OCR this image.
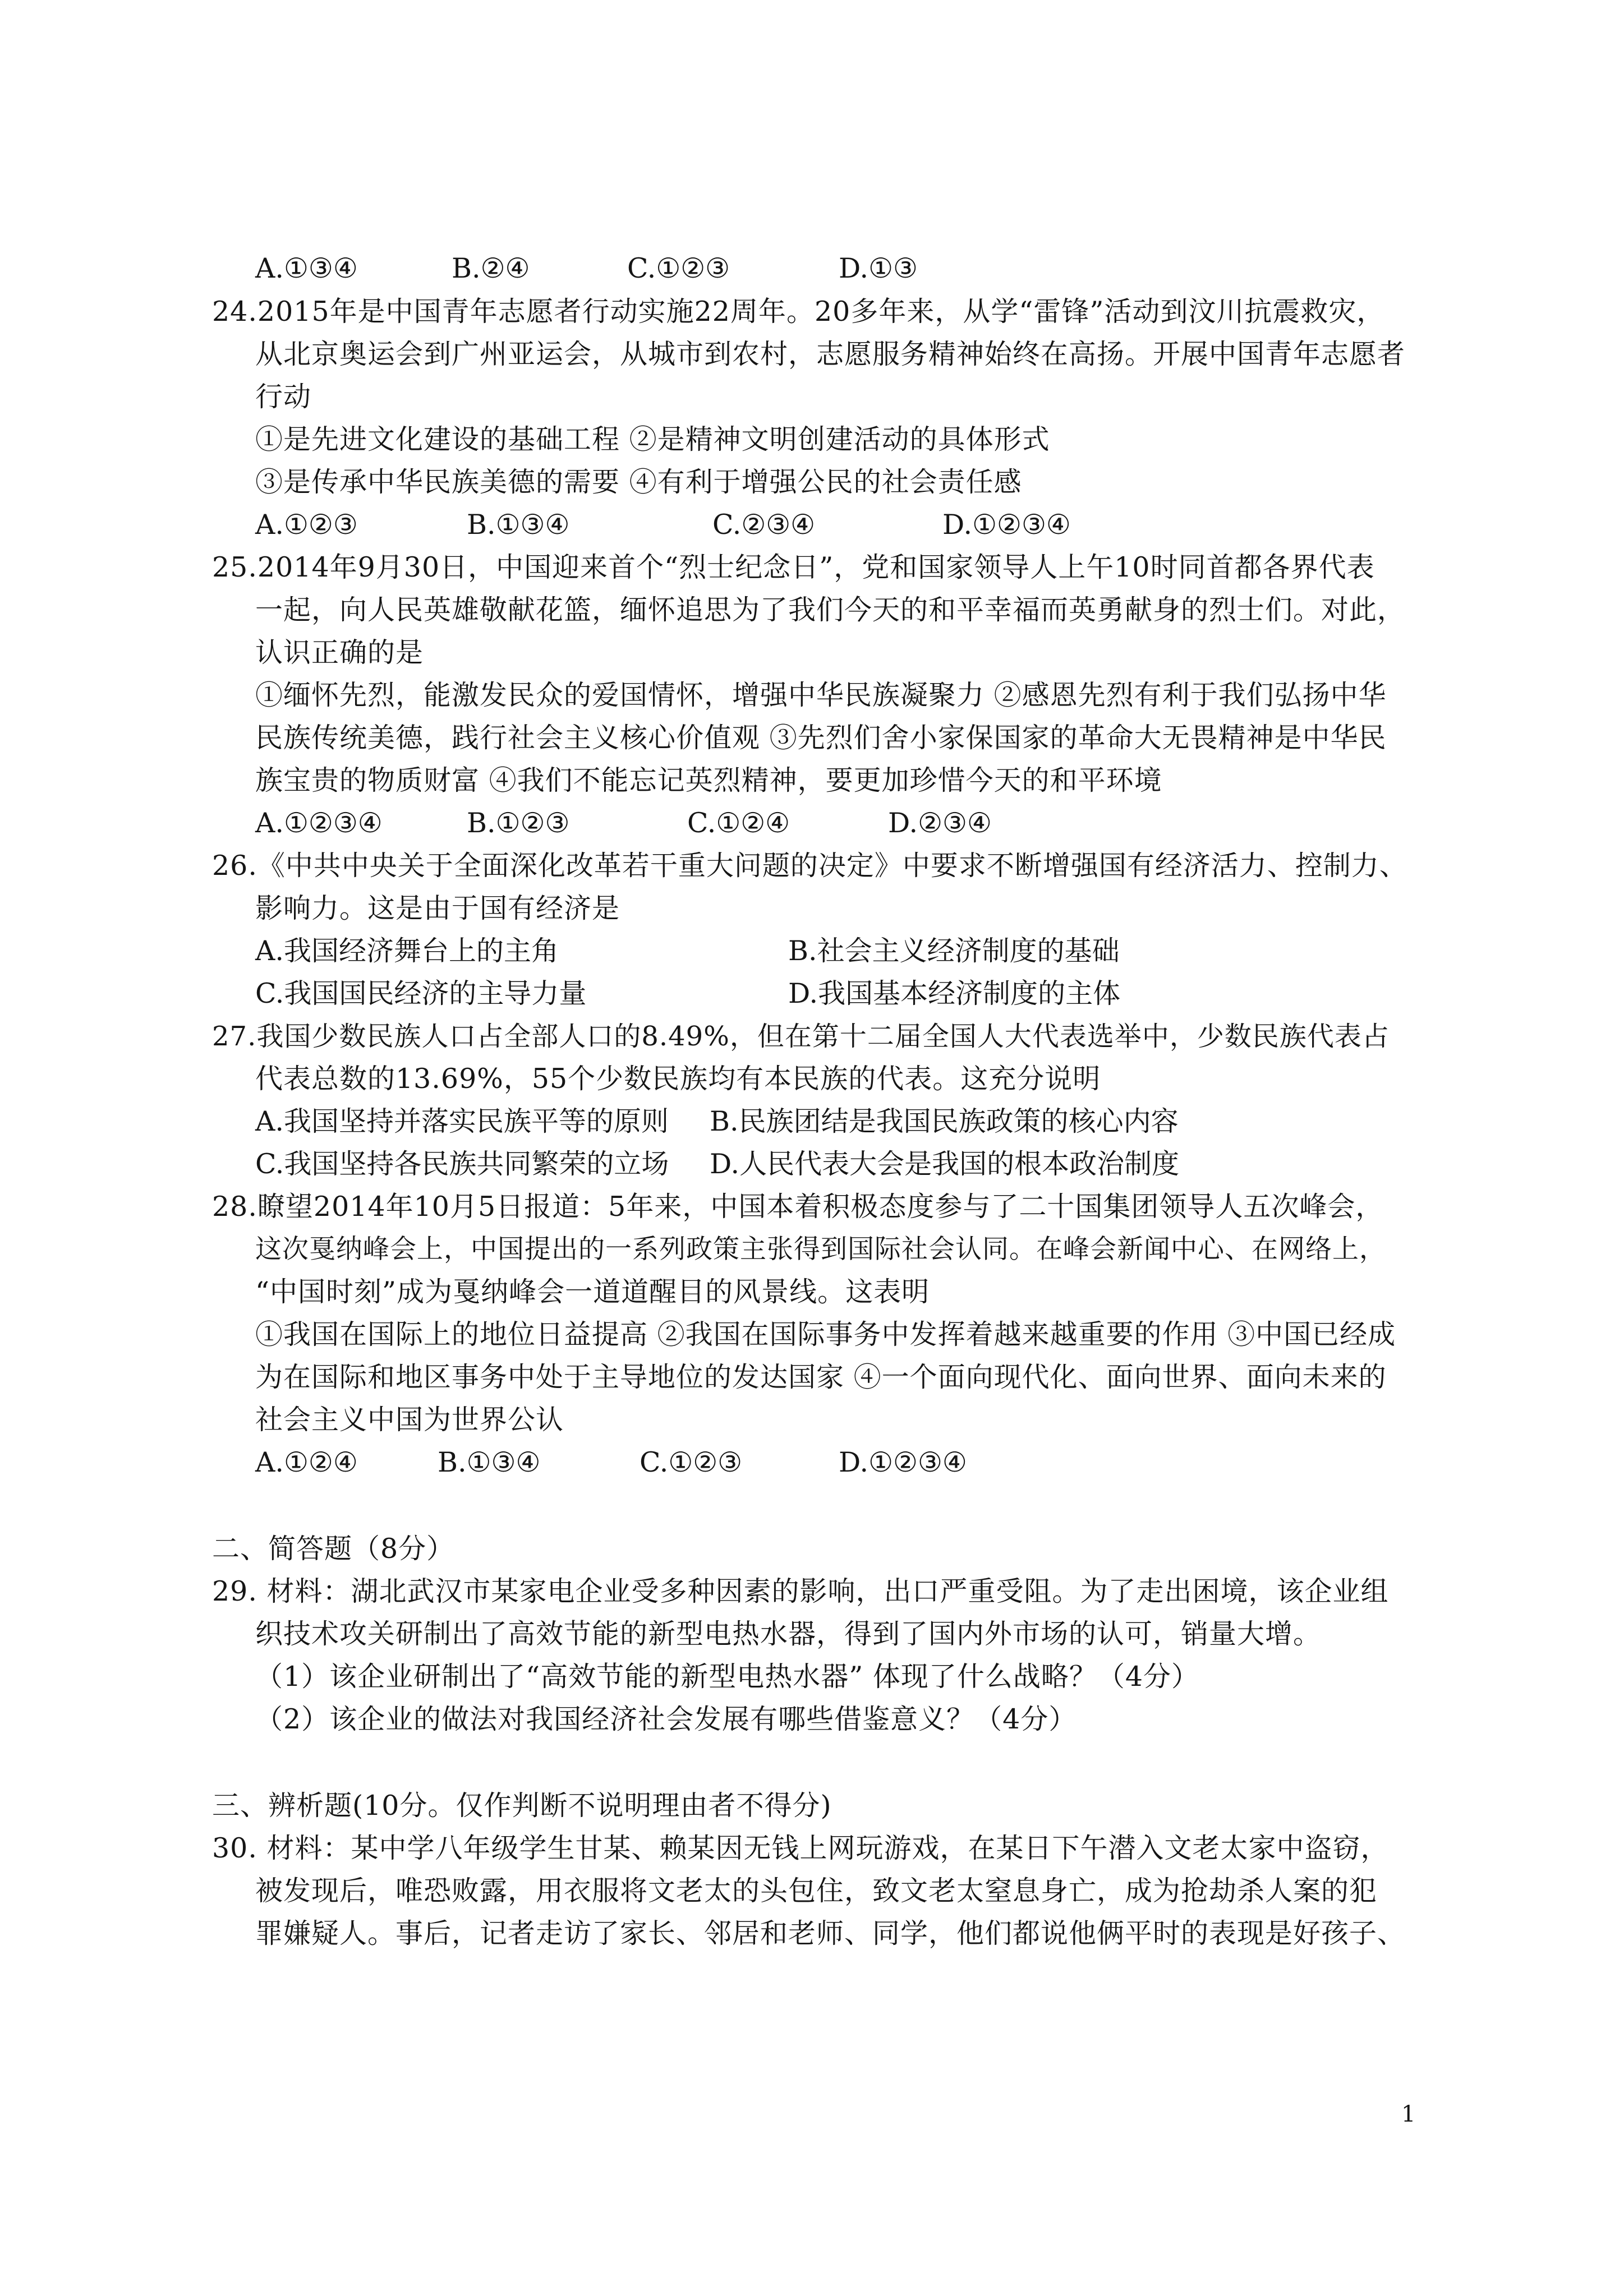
A.①③④	B.②④	C.①②③	D.①③
24.2015年是中国青年志愿者行动实施22周年。20多年来，从学“雷锋”活动到汶川抗震救灾，
从北京奥运会到广州亚运会，从城市到农村，志愿服务精神始终在高扬。开展中国青年志愿者
行动
①是先进文化建设的基础工程 ②是精神文明创建活动的具体形式
③是传承中华民族美德的需要 ④有利于增强公民的社会责任感
A.①②③	B.①③④	C.②③④	D.①②③④
25.2014年9月30日，中国迎来首个“烈士纪念日”，党和国家领导人上午10时同首都各界代表
一起，向人民英雄敬献花篮，缅怀追思为了我们今天的和平幸福而英勇献身的烈士们。对此，
认识正确的是
①缅怀先烈，能激发民众的爱国情怀，增强中华民族凝聚力 ②感恩先烈有利于我们弘扬中华
民族传统美德，践行社会主义核心价值观 ③先烈们舍小家保国家的革命大无畏精神是中华民
族宝贵的物质财富 ④我们不能忘记英烈精神，要更加珍惜今天的和平环境
A.①②③④	B.①②③	C.①②④	D.②③④
26.《中共中央关于全面深化改革若干重大问题的决定》中要求不断增强国有经济活力、控制力、
影响力。这是由于国有经济是
A.我国经济舞台上的主角	B.社会主义经济制度的基础
C.我国国民经济的主导力量	D.我国基本经济制度的主体
27.我国少数民族人口占全部人口的8.49%，但在第十二届全国人大代表选举中，少数民族代表占
代表总数的13.69%，55个少数民族均有本民族的代表。这充分说明
A.我国坚持并落实民族平等的原则 B.民族团结是我国民族政策的核心内容
C.我国坚持各民族共同繁荣的立场 D.人民代表大会是我国的根本政治制度
28.瞭望2014年10月5日报道：5年来，中国本着积极态度参与了二十国集团领导人五次峰会，
这次戛纳峰会上，中国提出的一系列政策主张得到国际社会认同。在峰会新闻中心、在网络上，
“中国时刻”成为戛纳峰会一道道醒目的风景线。这表明
①我国在国际上的地位日益提高 ②我国在国际事务中发挥着越来越重要的作用 ③中国已经成
为在国际和地区事务中处于主导地位的发达国家 ④一个面向现代化、面向世界、面向未来的
社会主义中国为世界公认
A.①②④	B.①③④	C.①②③	D.①②③④
二、简答题（8分）
29. 材料：湖北武汉市某家电企业受多种因素的影响，出口严重受阻。为了走出困境，该企业组
织技术攻关研制出了高效节能的新型电热水器，得到了国内外市场的认可，销量大增。
（1）该企业研制出了“高效节能的新型电热水器” 体现了什么战略？（4分）
（2）该企业的做法对我国经济社会发展有哪些借鉴意义？（4分）
三、辨析题(10分。仅作判断不说明理由者不得分)
30. 材料：某中学八年级学生甘某、赖某因无钱上网玩游戏，在某日下午潜入文老太家中盗窃，
被发现后，唯恐败露，用衣服将文老太的头包住，致文老太窒息身亡，成为抢劫杀人案的犯
罪嫌疑人。事后，记者走访了家长、邻居和老师、同学，他们都说他俩平时的表现是好孩子、
1
